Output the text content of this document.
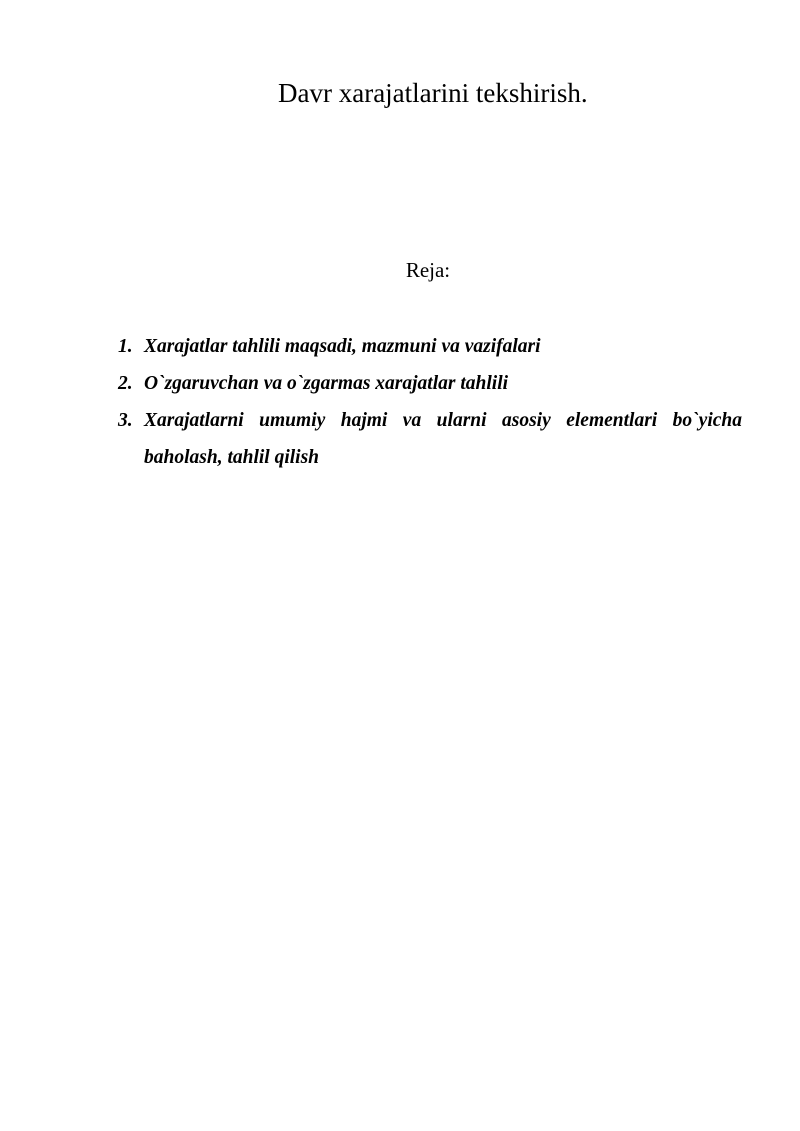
Davr xarajatlarini tekshirish.
Reja:
1. Xarajatlar tahlili maqsadi, mazmuni va vazifalari
2. O`zgaruvchan va o`zgarmas xarajatlar tahlili
3. Xarajatlarni umumiy hajmi va ularni asosiy elementlari bo`yicha baholash, tahlil qilish
